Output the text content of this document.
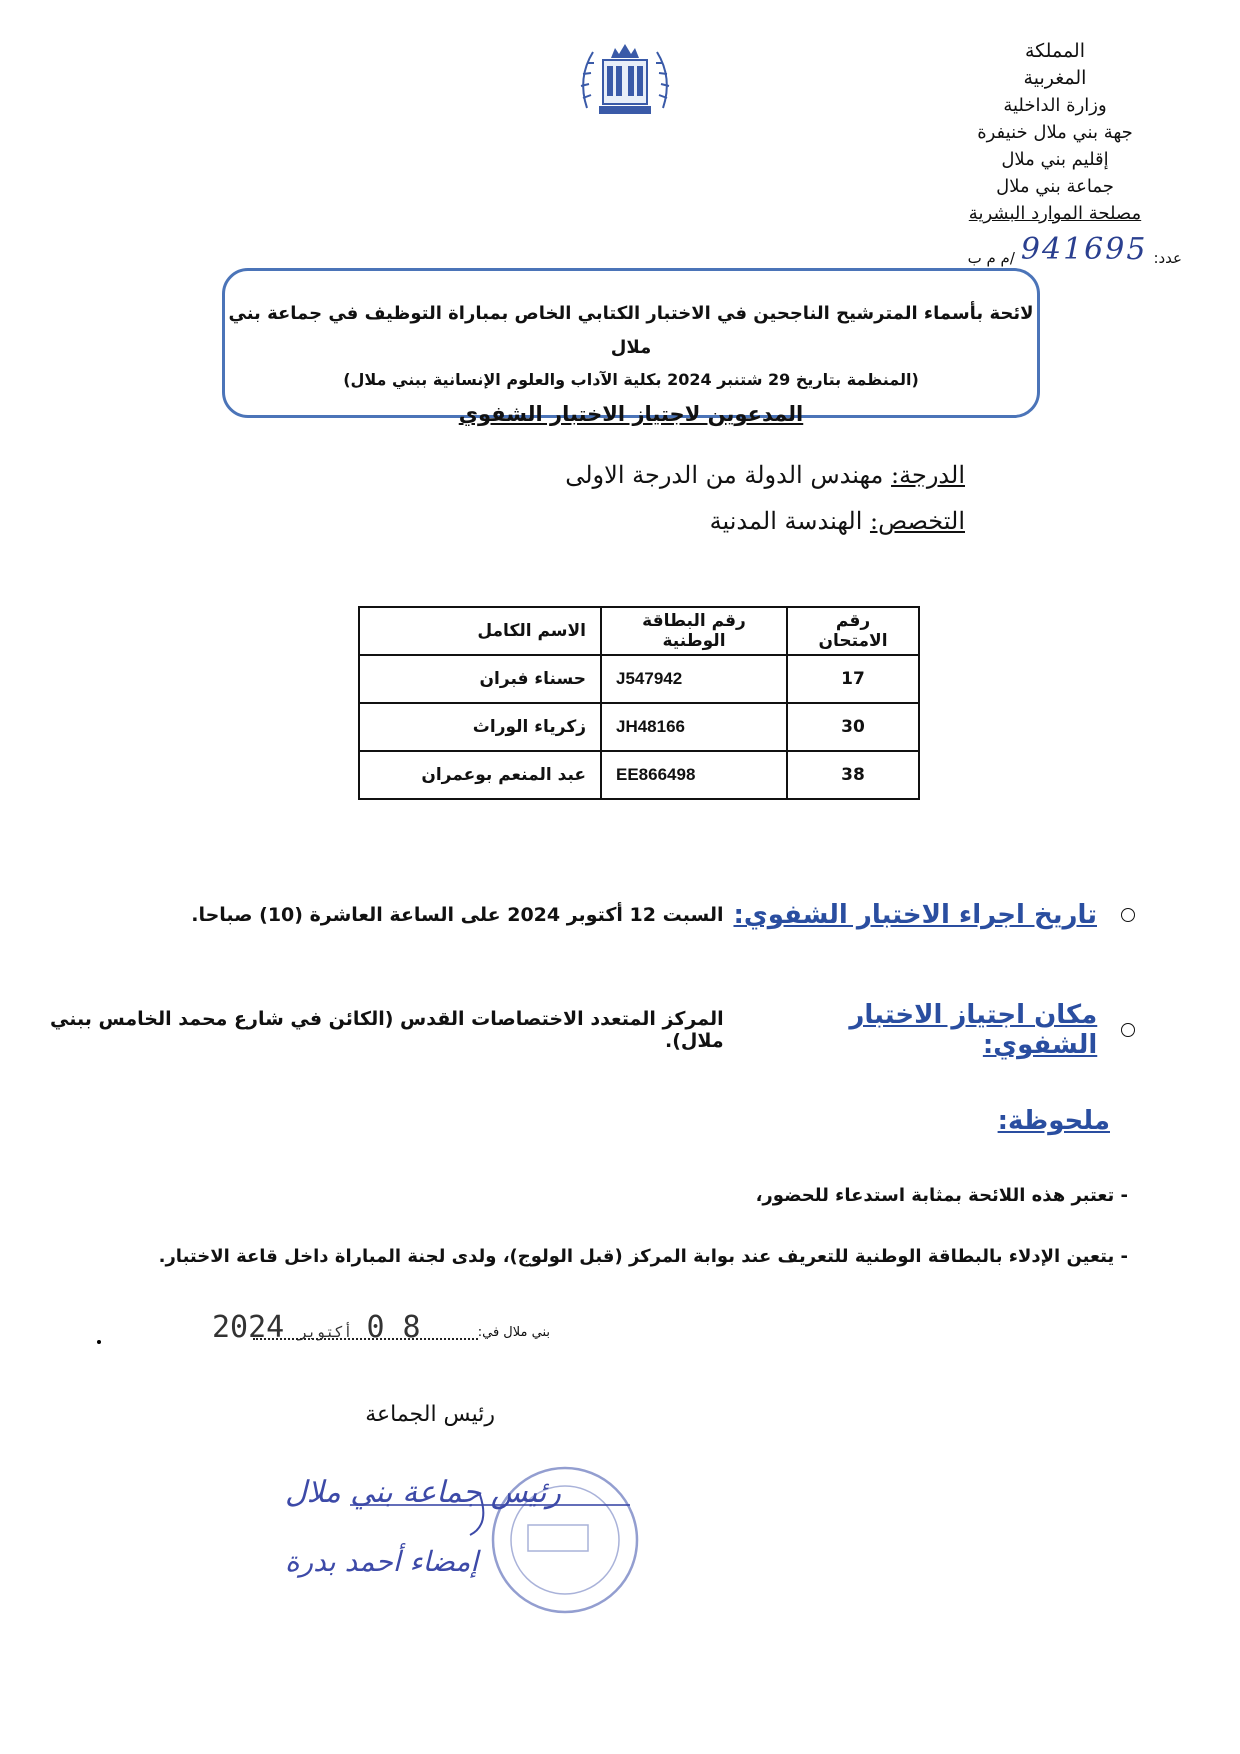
المملكة
المغربية
وزارة الداخلية
جهة بني ملال خنيفرة
إقليم بني ملال
جماعة بني ملال
مصلحة الموارد البشرية
عدد:
941695
/م م ب
لائحة بأسماء المترشيح الناجحين في الاختبار الكتابي الخاص بمباراة التوظيف في جماعة بني ملال
(المنظمة بتاريخ 29 شتنبر 2024 بكلية الآداب والعلوم الإنسانية ببني ملال)
المدعوين لاجتياز الاختبار الشفوي
الدرجة: مهندس الدولة من الدرجة الاولى
التخصص: الهندسة المدنية
رقم الامتحان	رقم البطاقة الوطنية	الاسم الكامل
17	J547942	حسناء فبران
30	JH48166	زكرياء الوراث
38	EE866498	عبد المنعم بوعمران
تاريخ اجراء الاختبار الشفوي:
السبت 12 أكتوبر 2024 على الساعة العاشرة (10) صباحا.
مكان اجتياز الاختبار الشفوي:
المركز المتعدد الاختصاصات القدس (الكائن في شارع محمد الخامس ببني ملال).
ملحوظة:
- تعتبر هذه اللائحة بمثابة استدعاء للحضور،
- يتعين الإدلاء بالبطاقة الوطنية للتعريف عند بوابة المركز (قبل الولوج)، ولدى لجنة المباراة داخل قاعة الاختبار.
2024 أكتوبر 0 8	بني ملال في:
رئيس الجماعة
رئيس جماعة بني ملال
إمضاء أحمد بدرة
